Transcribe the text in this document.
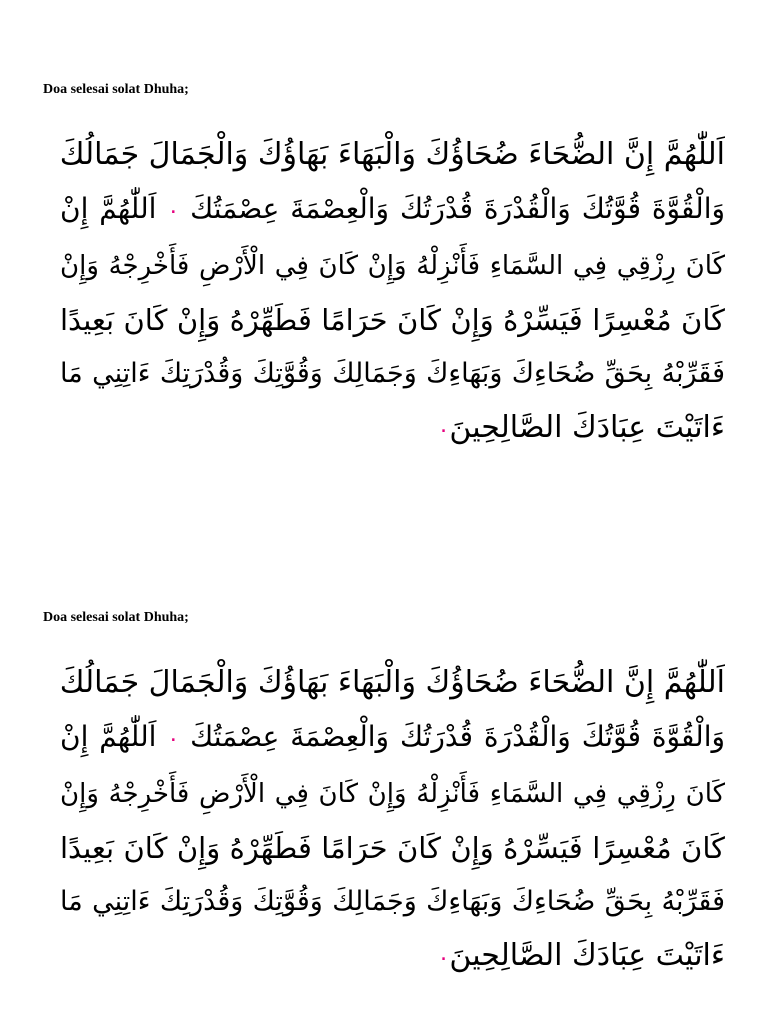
Doa selesai solat Dhuha;
اَللّٰهُمَّ إِنَّ الضُّحَاءَ ضُحَاؤُكَ وَالْبَهَاءَ بَهَاؤُكَ وَالْجَمَالَ جَمَالُكَ
وَالْقُوَّةَ قُوَّتُكَ وَالْقُدْرَةَ قُدْرَتُكَ وَالْعِصْمَةَ عِصْمَتُكَ ۰ اَللّٰهُمَّ إِنْ
كَانَ رِزْقِي فِي السَّمَاءِ فَأَنْزِلْهُ وَإِنْ كَانَ فِي الْأَرْضِ فَأَخْرِجْهُ وَإِنْ
كَانَ مُعْسِرًا فَيَسِّرْهُ وَإِنْ كَانَ حَرَامًا فَطَهِّرْهُ وَإِنْ كَانَ بَعِيدًا
فَقَرِّبْهُ بِحَقِّ ضُحَاءِكَ وَبَهَاءِكَ وَجَمَالِكَ وَقُوَّتِكَ وَقُدْرَتِكَ ءَاتِنِي مَا
ءَاتَيْتَ عِبَادَكَ الصَّالِحِينَ۰
Doa selesai solat Dhuha;
اَللّٰهُمَّ إِنَّ الضُّحَاءَ ضُحَاؤُكَ وَالْبَهَاءَ بَهَاؤُكَ وَالْجَمَالَ جَمَالُكَ
وَالْقُوَّةَ قُوَّتُكَ وَالْقُدْرَةَ قُدْرَتُكَ وَالْعِصْمَةَ عِصْمَتُكَ ۰ اَللّٰهُمَّ إِنْ
كَانَ رِزْقِي فِي السَّمَاءِ فَأَنْزِلْهُ وَإِنْ كَانَ فِي الْأَرْضِ فَأَخْرِجْهُ وَإِنْ
كَانَ مُعْسِرًا فَيَسِّرْهُ وَإِنْ كَانَ حَرَامًا فَطَهِّرْهُ وَإِنْ كَانَ بَعِيدًا
فَقَرِّبْهُ بِحَقِّ ضُحَاءِكَ وَبَهَاءِكَ وَجَمَالِكَ وَقُوَّتِكَ وَقُدْرَتِكَ ءَاتِنِي مَا
ءَاتَيْتَ عِبَادَكَ الصَّالِحِينَ۰
